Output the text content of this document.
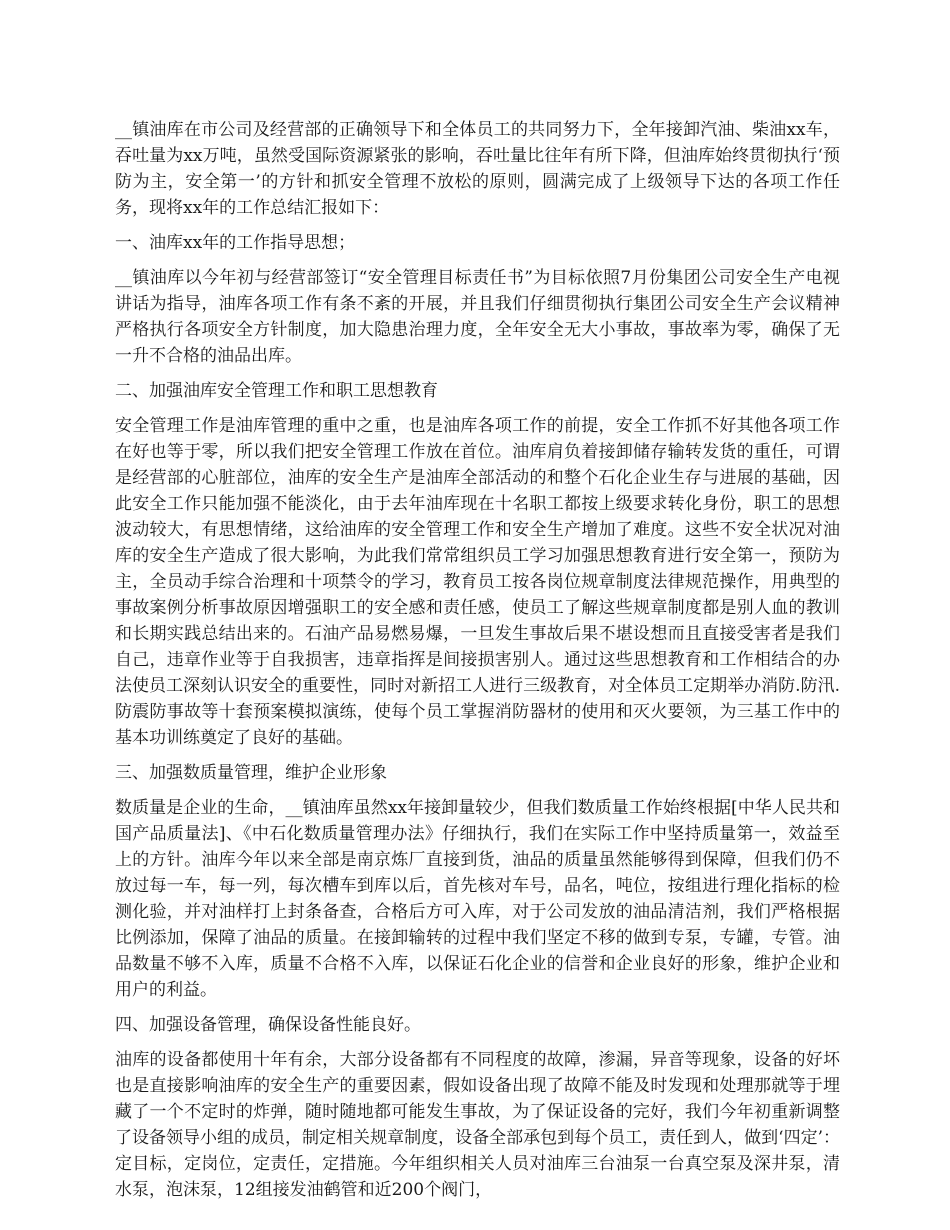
__镇油库在市公司及经营部的正确领导下和全体员工的共同努力下，全年接卸汽油、柴油xx车，吞吐量为xx万吨，虽然受国际资源紧张的影响，吞吐量比往年有所下降，但油库始终贯彻执行‘预防为主，安全第一’的方针和抓安全管理不放松的原则，圆满完成了上级领导下达的各项工作任务，现将xx年的工作总结汇报如下：

一、油库xx年的工作指导思想；

__镇油库以今年初与经营部签订“安全管理目标责任书”为目标依照7月份集团公司安全生产电视讲话为指导，油库各项工作有条不紊的开展，并且我们仔细贯彻执行集团公司安全生产会议精神严格执行各项安全方针制度，加大隐患治理力度，全年安全无大小事故，事故率为零，确保了无一升不合格的油品出库。

二、加强油库安全管理工作和职工思想教育

安全管理工作是油库管理的重中之重，也是油库各项工作的前提，安全工作抓不好其他各项工作在好也等于零，所以我们把安全管理工作放在首位。油库肩负着接卸储存输转发货的重任，可谓是经营部的心脏部位，油库的安全生产是油库全部活动的和整个石化企业生存与进展的基础，因此安全工作只能加强不能淡化，由于去年油库现在十名职工都按上级要求转化身份，职工的思想波动较大，有思想情绪，这给油库的安全管理工作和安全生产增加了难度。这些不安全状况对油库的安全生产造成了很大影响，为此我们常常组织员工学习加强思想教育进行安全第一，预防为主，全员动手综合治理和十项禁令的学习，教育员工按各岗位规章制度法律规范操作，用典型的事故案例分析事故原因增强职工的安全感和责任感，使员工了解这些规章制度都是别人血的教训和长期实践总结出来的。石油产品易燃易爆，一旦发生事故后果不堪设想而且直接受害者是我们自己，违章作业等于自我损害，违章指挥是间接损害别人。通过这些思想教育和工作相结合的办法使员工深刻认识安全的重要性，同时对新招工人进行三级教育，对全体员工定期举办消防.防汛.防震防事故等十套预案模拟演练，使每个员工掌握消防器材的使用和灭火要领，为三基工作中的基本功训练奠定了良好的基础。

三、加强数质量管理，维护企业形象

数质量是企业的生命，__镇油库虽然xx年接卸量较少，但我们数质量工作始终根据[中华人民共和国产品质量法]、《中石化数质量管理办法》仔细执行，我们在实际工作中坚持质量第一，效益至上的方针。油库今年以来全部是南京炼厂直接到货，油品的质量虽然能够得到保障，但我们仍不放过每一车，每一列，每次槽车到库以后，首先核对车号，品名，吨位，按组进行理化指标的检测化验，并对油样打上封条备查，合格后方可入库，对于公司发放的油品清洁剂，我们严格根据比例添加，保障了油品的质量。在接卸输转的过程中我们坚定不移的做到专泵，专罐，专管。油品数量不够不入库，质量不合格不入库，以保证石化企业的信誉和企业良好的形象，维护企业和用户的利益。

四、加强设备管理，确保设备性能良好。

油库的设备都使用十年有余，大部分设备都有不同程度的故障，渗漏，异音等现象，设备的好坏也是直接影响油库的安全生产的重要因素，假如设备出现了故障不能及时发现和处理那就等于埋藏了一个不定时的炸弹，随时随地都可能发生事故，为了保证设备的完好，我们今年初重新调整了设备领导小组的成员，制定相关规章制度，设备全部承包到每个员工，责任到人，做到‘四定’：定目标，定岗位，定责任，定措施。今年组织相关人员对油库三台油泵一台真空泵及深井泵，清水泵，泡沫泵，12组接发油鹤管和近200个阀门，
